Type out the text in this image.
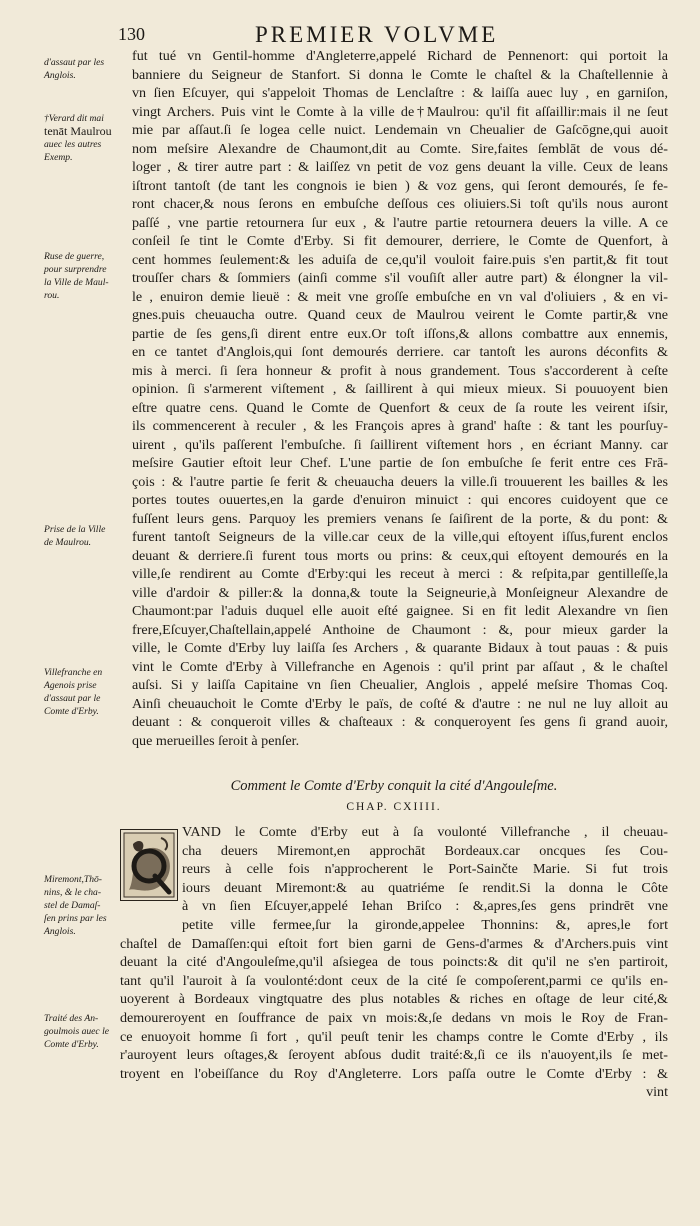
130	PREMIER VOLVME
d'assaut par les
Anglois.
†Verard dit mai
tenāt Maulrou
auec les autres
Exemp.
Ruse de guerre,
pour surprendre
la Ville de Maul-
rou.
Prise de la Ville
de Maulrou.
Villefranche en
Agenois prise
d'assaut par le
Comte d'Erby.
Miremont,Thō-
nins, & le cha-
stel de Damaſ-
ſen prins par les
Anglois.
Traité des An-
goulmois auec le
Comte d'Erby.
fut tué vn Gentil-homme d'Angleterre,appelé Richard de Pennenort: qui portoit la
banniere du Seigneur de Stanfort. Si donna le Comte le chaſtel & la Chaſtellennie à
vn ſien Eſcuyer, qui s'appeloit Thomas de Lenclaſtre : & laiſſa auec luy , en garniſon,
vingt Archers. Puis vint le Comte à la ville de†Maulrou: qu'il fit aſſaillir:mais il ne ſeut
mie par aſſaut.ſi ſe logea celle nuict. Lendemain vn Cheualier de Gaſcōgne,qui auoit
nom meſsire Alexandre de Chaumont,dit au Comte. Sire,faites ſemblāt de vous dé-
loger , & tirer autre part : & laiſſez vn petit de voz gens deuant la ville. Ceux de leans
iſtront tantoſt (de tant les congnois ie bien ) & voz gens, qui ſeront demourés, ſe fe-
ront chacer,& nous ſerons en embuſche deſſous ces oliuiers.Si toſt qu'ils nous auront
paſſé , vne partie retournera ſur eux , & l'autre partie retournera deuers la ville. A ce
conſeil ſe tint le Comte d'Erby. Si fit demourer, derriere, le Comte de Quenfort, à
cent hommes ſeulement:& les aduiſa de ce,qu'il vouloit faire.puis s'en partit,& fit tout
trouſſer chars & ſommiers (ainſi comme s'il vouſiſt aller autre part) & élongner la vil-
le , enuiron demie lieuë : & meit vne groſſe embuſche en vn val d'oliuiers , & en vi-
gnes.puis cheuaucha outre. Quand ceux de Maulrou veirent le Comte partir,& vne
partie de ſes gens,ſi dirent entre eux.Or toſt iſſons,& allons combattre aux ennemis,
en ce tantet d'Anglois,qui ſont demourés derriere. car tantoſt les aurons déconfits &
mis à merci. ſi ſera honneur & profit à nous grandement. Tous s'accorderent à ceſte
opinion. ſi s'armerent viſtement , & ſaillirent à qui mieux mieux. Si pouuoyent bien
eſtre quatre cens. Quand le Comte de Quenfort & ceux de ſa route les veirent iſsir,
ils commencerent à reculer , & les François apres à grand' haſte : & tant les pourſuy-
uirent , qu'ils paſſerent l'embuſche. ſi ſaillirent viſtement hors , en écriant Manny. car
meſsire Gautier eſtoit leur Chef. L'une partie de ſon embuſche ſe ferit entre ces Frā-
çois : & l'autre partie ſe ferit & cheuaucha deuers la ville.ſi trouuerent les bailles & les
portes toutes ouuertes,en la garde d'enuiron minuict : qui encores cuidoyent que ce
fuſſent leurs gens. Parquoy les premiers venans ſe ſaiſirent de la porte, & du pont: &
furent tantoſt Seigneurs de la ville.car ceux de la ville,qui eſtoyent iſſus,furent enclos
deuant & derriere.ſi furent tous morts ou prins: & ceux,qui eſtoyent demourés en la
ville,ſe rendirent au Comte d'Erby:qui les receut à merci : & reſpita,par gentilleſſe,la
ville d'ardoir & piller:& la donna,& toute la Seigneurie,à Monſeigneur Alexandre de
Chaumont:par l'aduis duquel elle auoit eſté gaignee. Si en fit ledit Alexandre vn ſien
frere,Eſcuyer,Chaſtellain,appelé Anthoine de Chaumont : &, pour mieux garder la
ville, le Comte d'Erby luy laiſſa ſes Archers , & quarante Bidaux à tout pauas : & puis
vint le Comte d'Erby à Villefranche en Agenois : qu'il print par aſſaut , & le chaſtel
auſsi. Si y laiſſa Capitaine vn ſien Cheualier, Anglois , appelé meſsire Thomas Coq.
Ainſi cheuauchoit le Comte d'Erby le païs, de coſté & d'autre : ne nul ne luy alloit au
deuant : & conqueroit villes & chaſteaux : & conqueroyent ſes gens ſi grand auoir,
que merueilles ſeroit à penſer.
Comment le Comte d'Erby conquit la cité d'Angouleſme.
CHAP. CXIIII.
VAND le Comte d'Erby eut à ſa voulonté Villefranche , il cheuau-
cha deuers Miremont,en approchāt Bordeaux.car oncques ſes Cou-
reurs à celle fois n'approcherent le Port-Sainčte Marie. Si fut trois
iours deuant Miremont:& au quatriéme ſe rendit.Si la donna le Côte
à vn ſien Eſcuyer,appelé Iehan Briſco : &,apres,ſes gens prindrēt vne
petite ville fermee,ſur la gironde,appelee Thonnins: &, apres,le fort
chaſtel de Damaſſen:qui eſtoit fort bien garni de Gens-d'armes & d'Archers.puis vint
deuant la cité d'Angouleſme,qu'il aſsiegea de tous poincts:& dit qu'il ne s'en partiroit,
tant qu'il l'auroit à ſa voulonté:dont ceux de la cité ſe compoſerent,parmi ce qu'ils en-
uoyerent à Bordeaux vingtquatre des plus notables & riches en oſtage de leur cité,&
demoureroyent en ſouffrance de paix vn mois:&,ſe dedans vn mois le Roy de Fran-
ce enuoyoit homme ſi fort , qu'il peuſt tenir les champs contre le Comte d'Erby , ils
r'auroyent leurs oſtages,& ſeroyent abſous dudit traité:&,ſi ce ils n'auoyent,ils ſe met-
troyent en l'obeiſſance du Roy d'Angleterre. Lors paſſa outre le Comte d'Erby : &
vint
